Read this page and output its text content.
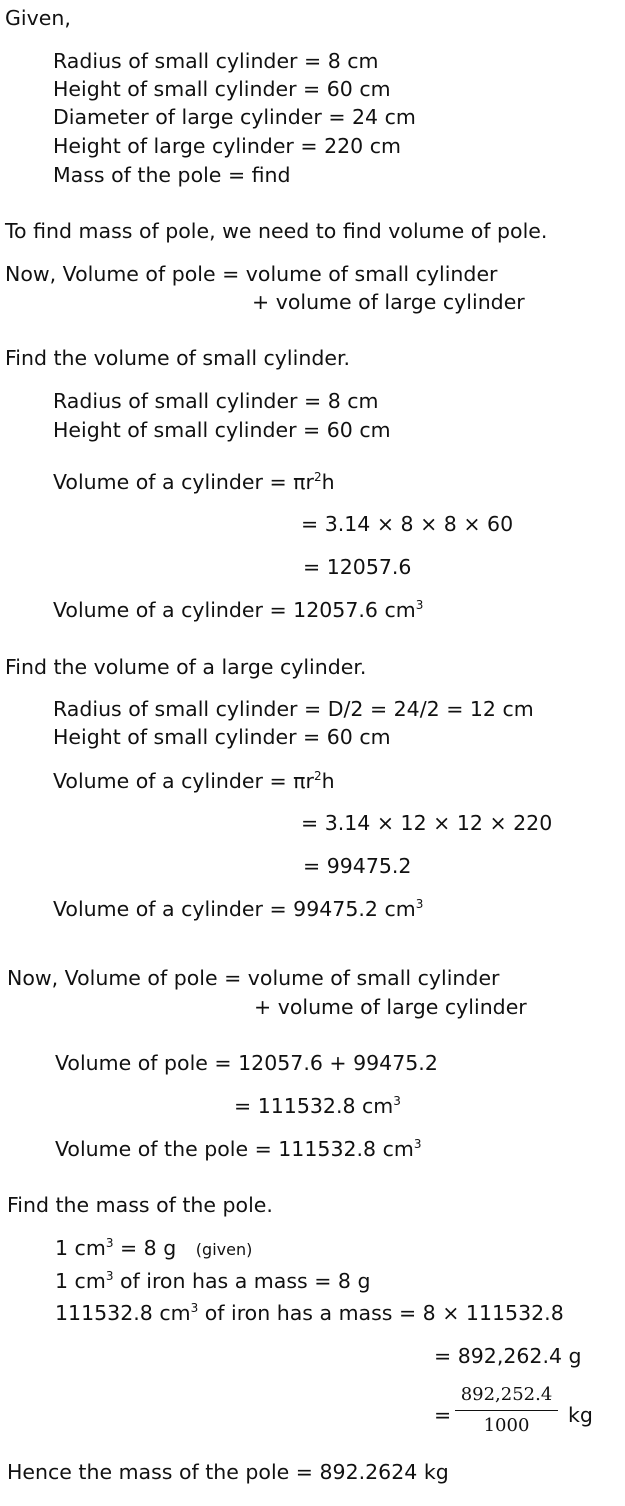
Given,
Radius of small cylinder = 8 cm
Height of small cylinder = 60 cm
Diameter of large cylinder = 24 cm
Height of large cylinder = 220 cm
Mass of the pole = find
To find mass of pole, we need to find volume of pole.
Now, Volume of pole = volume of small cylinder
+ volume of large cylinder
Find the volume of small cylinder.
Radius of small cylinder = 8 cm
Height of small cylinder = 60 cm
Volume of a cylinder = $\pi r^2h$
= 3.14 × 8 × 8 × 60
= 12057.6
Volume of a cylinder = 12057.6 $cm^3$
Find the volume of a large cylinder.
Radius of small cylinder = D/2 = 24/2 = 12 cm
Height of small cylinder = 60 cm
Volume of a cylinder = $\pi r^2h$
= 3.14 × 12 × 12 × 220
= 99475.2
Volume of a cylinder = 99475.2 $cm^3$
Now, Volume of pole = volume of small cylinder
+ volume of large cylinder
Volume of pole = 12057.6 + 99475.2
= 111532.8 $cm^3$
Volume of the pole = 111532.8 $cm^3$
Find the mass of the pole.
1 $cm^3 = 8$ g (given)
1 $cm^3$ of iron has a mass = 8 g
111532.8 $cm^3$ of iron has a mass = 8 × 111532.8
= 892,262.4 g
=
892,252.4
1000	kg
Hence the mass of the pole = 892.2624 kg
